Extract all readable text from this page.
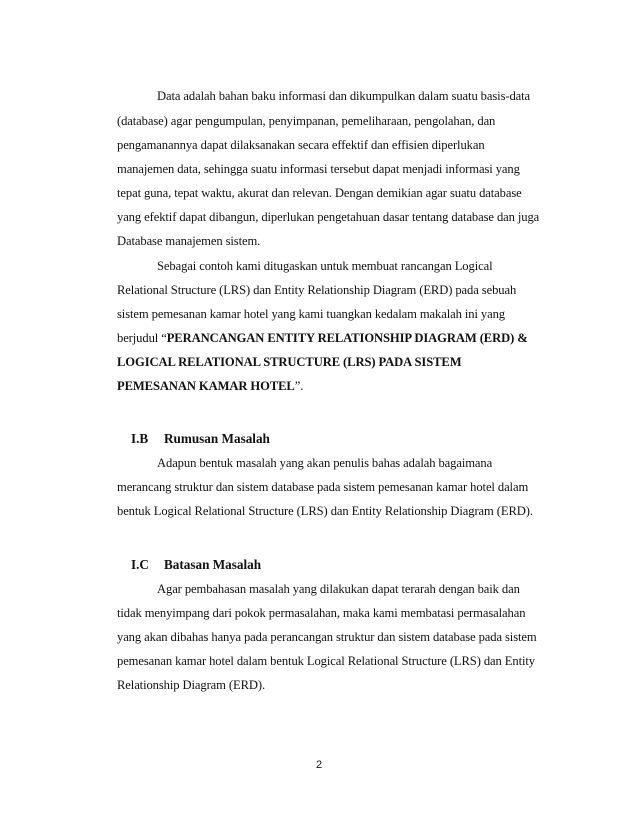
Data adalah bahan baku informasi dan dikumpulkan dalam suatu basis-data
(database) agar pengumpulan, penyimpanan, pemeliharaan, pengolahan, dan
pengamanannya dapat dilaksanakan secara effektif dan effisien diperlukan
manajemen data, sehingga suatu informasi tersebut dapat menjadi informasi yang
tepat guna, tepat waktu, akurat dan relevan. Dengan demikian agar suatu database
yang efektif dapat dibangun, diperlukan pengetahuan dasar tentang database dan juga
Database manajemen sistem.
Sebagai contoh kami ditugaskan untuk membuat rancangan Logical
Relational Structure (LRS) dan Entity Relationship Diagram (ERD) pada sebuah
sistem pemesanan kamar hotel yang kami tuangkan kedalam makalah ini yang
berjudul “PERANCANGAN ENTITY RELATIONSHIP DIAGRAM (ERD) &
LOGICAL RELATIONAL STRUCTURE (LRS) PADA SISTEM
PEMESANAN KAMAR HOTEL”.
I.B Rumusan Masalah
Adapun bentuk masalah yang akan penulis bahas adalah bagaimana
merancang struktur dan sistem database pada sistem pemesanan kamar hotel dalam
bentuk Logical Relational Structure (LRS) dan Entity Relationship Diagram (ERD).
I.C Batasan Masalah
Agar pembahasan masalah yang dilakukan dapat terarah dengan baik dan
tidak menyimpang dari pokok permasalahan, maka kami membatasi permasalahan
yang akan dibahas hanya pada perancangan struktur dan sistem database pada sistem
pemesanan kamar hotel dalam bentuk Logical Relational Structure (LRS) dan Entity
Relationship Diagram (ERD).
2
